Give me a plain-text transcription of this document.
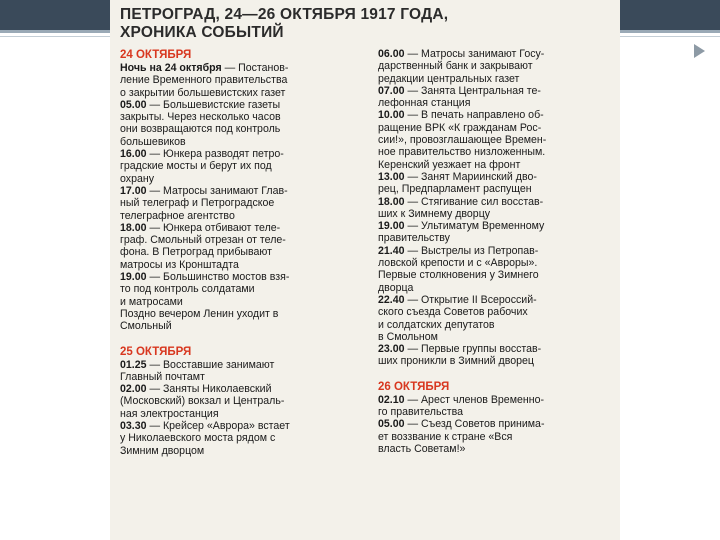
ПЕТРОГРАД, 24—26 ОКТЯБРЯ 1917 ГОДА,
ХРОНИКА СОБЫТИЙ
24 ОКТЯБРЯ
Ночь на 24 октября — Постанов-
ление Временного правительства
о закрытии большевистских газет
05.00 — Большевистские газеты
закрыты. Через несколько часов
они возвращаются под контроль
большевиков
16.00 — Юнкера разводят петро-
градские мосты и берут их под
охрану
17.00 — Матросы занимают Глав-
ный телеграф и Петроградское
телеграфное агентство
18.00 — Юнкера отбивают теле-
граф. Смольный отрезан от теле-
фона. В Петроград прибывают
матросы из Кронштадта
19.00 — Большинство мостов взя-
то под контроль солдатами
и матросами
Поздно вечером Ленин уходит в
Смольный
25 ОКТЯБРЯ
01.25 — Восставшие занимают
Главный почтамт
02.00 — Заняты Николаевский
(Московский) вокзал и Централь-
ная электростанция
03.30 — Крейсер «Аврора» встает
у Николаевского моста рядом с
Зимним дворцом
06.00 — Матросы занимают Госу-
дарственный банк и закрывают
редакции центральных газет
07.00 — Занята Центральная те-
лефонная станция
10.00 — В печать направлено об-
ращение ВРК «К гражданам Рос-
сии!», провозглашающее Времен-
ное правительство низложенным.
Керенский уезжает на фронт
13.00 — Занят Мариинский дво-
рец, Предпарламент распущен
18.00 — Стягивание сил восстав-
ших к Зимнему дворцу
19.00 — Ультиматум Временному
правительству
21.40 — Выстрелы из Петропав-
ловской крепости и с «Авроры».
Первые столкновения у Зимнего
дворца
22.40 — Открытие II Всероссий-
ского съезда Советов рабочих
и солдатских депутатов
в Смольном
23.00 — Первые группы восстав-
ших проникли в Зимний дворец
26 ОКТЯБРЯ
02.10 — Арест членов Временно-
го правительства
05.00 — Съезд Советов принима-
ет воззвание к стране «Вся
власть Советам!»
